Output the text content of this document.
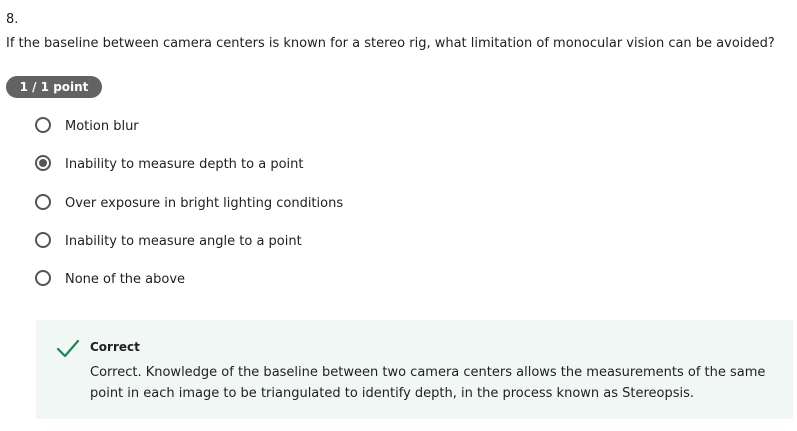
8.
If the baseline between camera centers is known for a stereo rig, what limitation of monocular vision can be avoided?
1 / 1 point
Motion blur
Inability to measure depth to a point
Over exposure in bright lighting conditions
Inability to measure angle to a point
None of the above
Correct
Correct. Knowledge of the baseline between two camera centers allows the measurements of the same point in each image to be triangulated to identify depth, in the process known as Stereopsis.
